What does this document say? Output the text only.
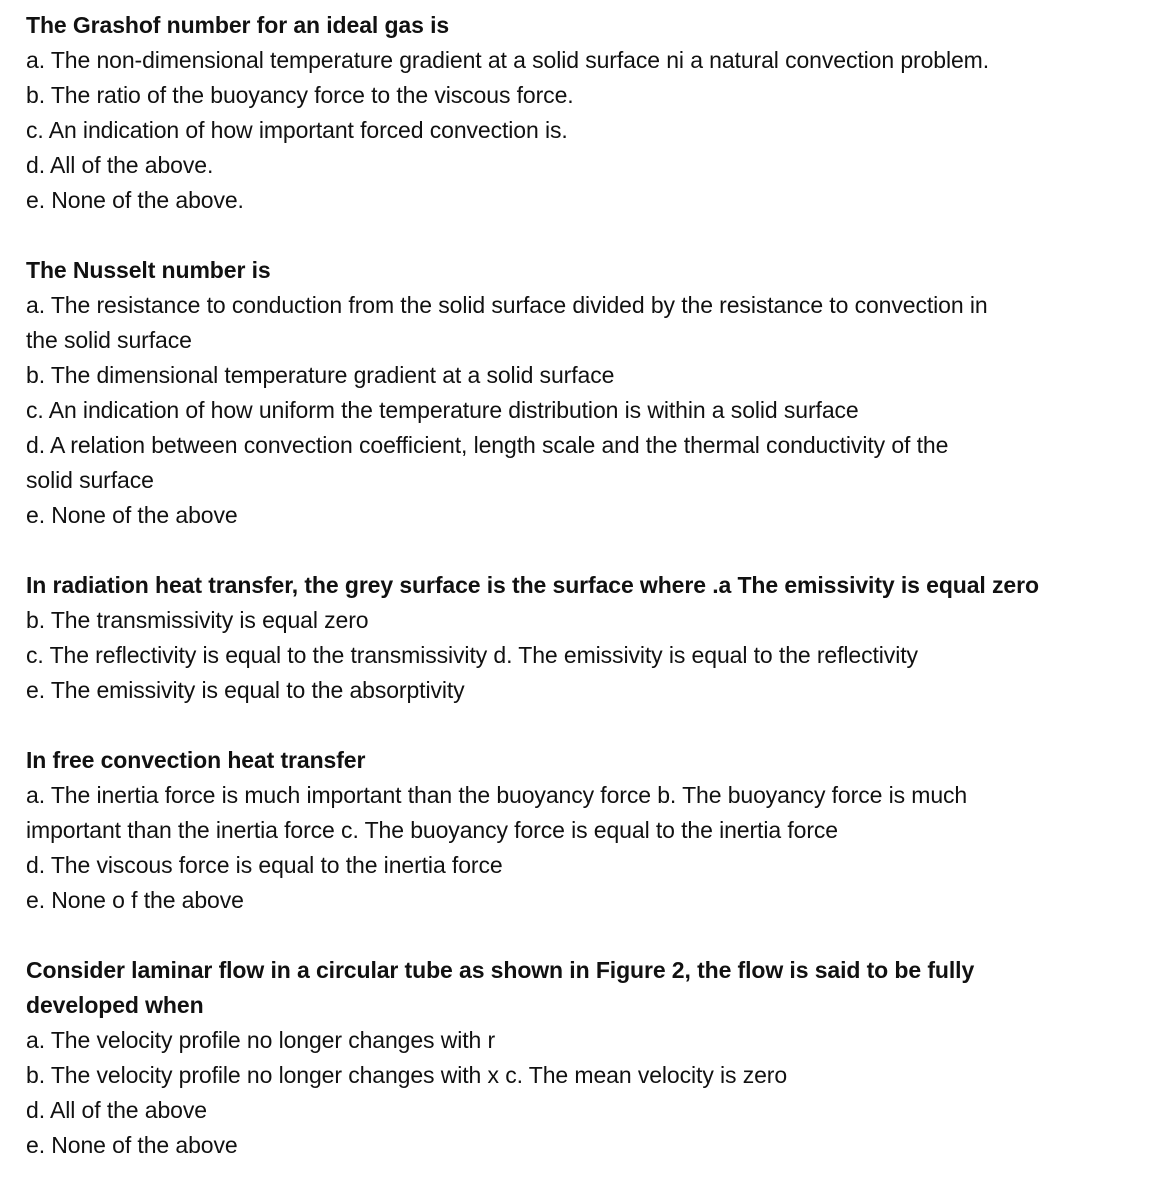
The Grashof number for an ideal gas is
a. The non-dimensional temperature gradient at a solid surface ni a natural convection problem.
b. The ratio of the buoyancy force to the viscous force.
c. An indication of how important forced convection is.
d. All of the above.
e. None of the above.
The Nusselt number is
a. The resistance to conduction from the solid surface divided by the resistance to convection in
the solid surface
b. The dimensional temperature gradient at a solid surface
c. An indication of how uniform the temperature distribution is within a solid surface
d. A relation between convection coefficient, length scale and the thermal conductivity of the
solid surface
e. None of the above
In radiation heat transfer, the grey surface is the surface where .a The emissivity is equal zero
b. The transmissivity is equal zero
c. The reflectivity is equal to the transmissivity d. The emissivity is equal to the reflectivity
e. The emissivity is equal to the absorptivity
In free convection heat transfer
a. The inertia force is much important than the buoyancy force b. The buoyancy force is much
important than the inertia force c. The buoyancy force is equal to the inertia force
d. The viscous force is equal to the inertia force
e. None o f the above
Consider laminar flow in a circular tube as shown in Figure 2, the flow is said to be fully
developed when
a. The velocity profile no longer changes with r
b. The velocity profile no longer changes with x c. The mean velocity is zero
d. All of the above
e. None of the above
